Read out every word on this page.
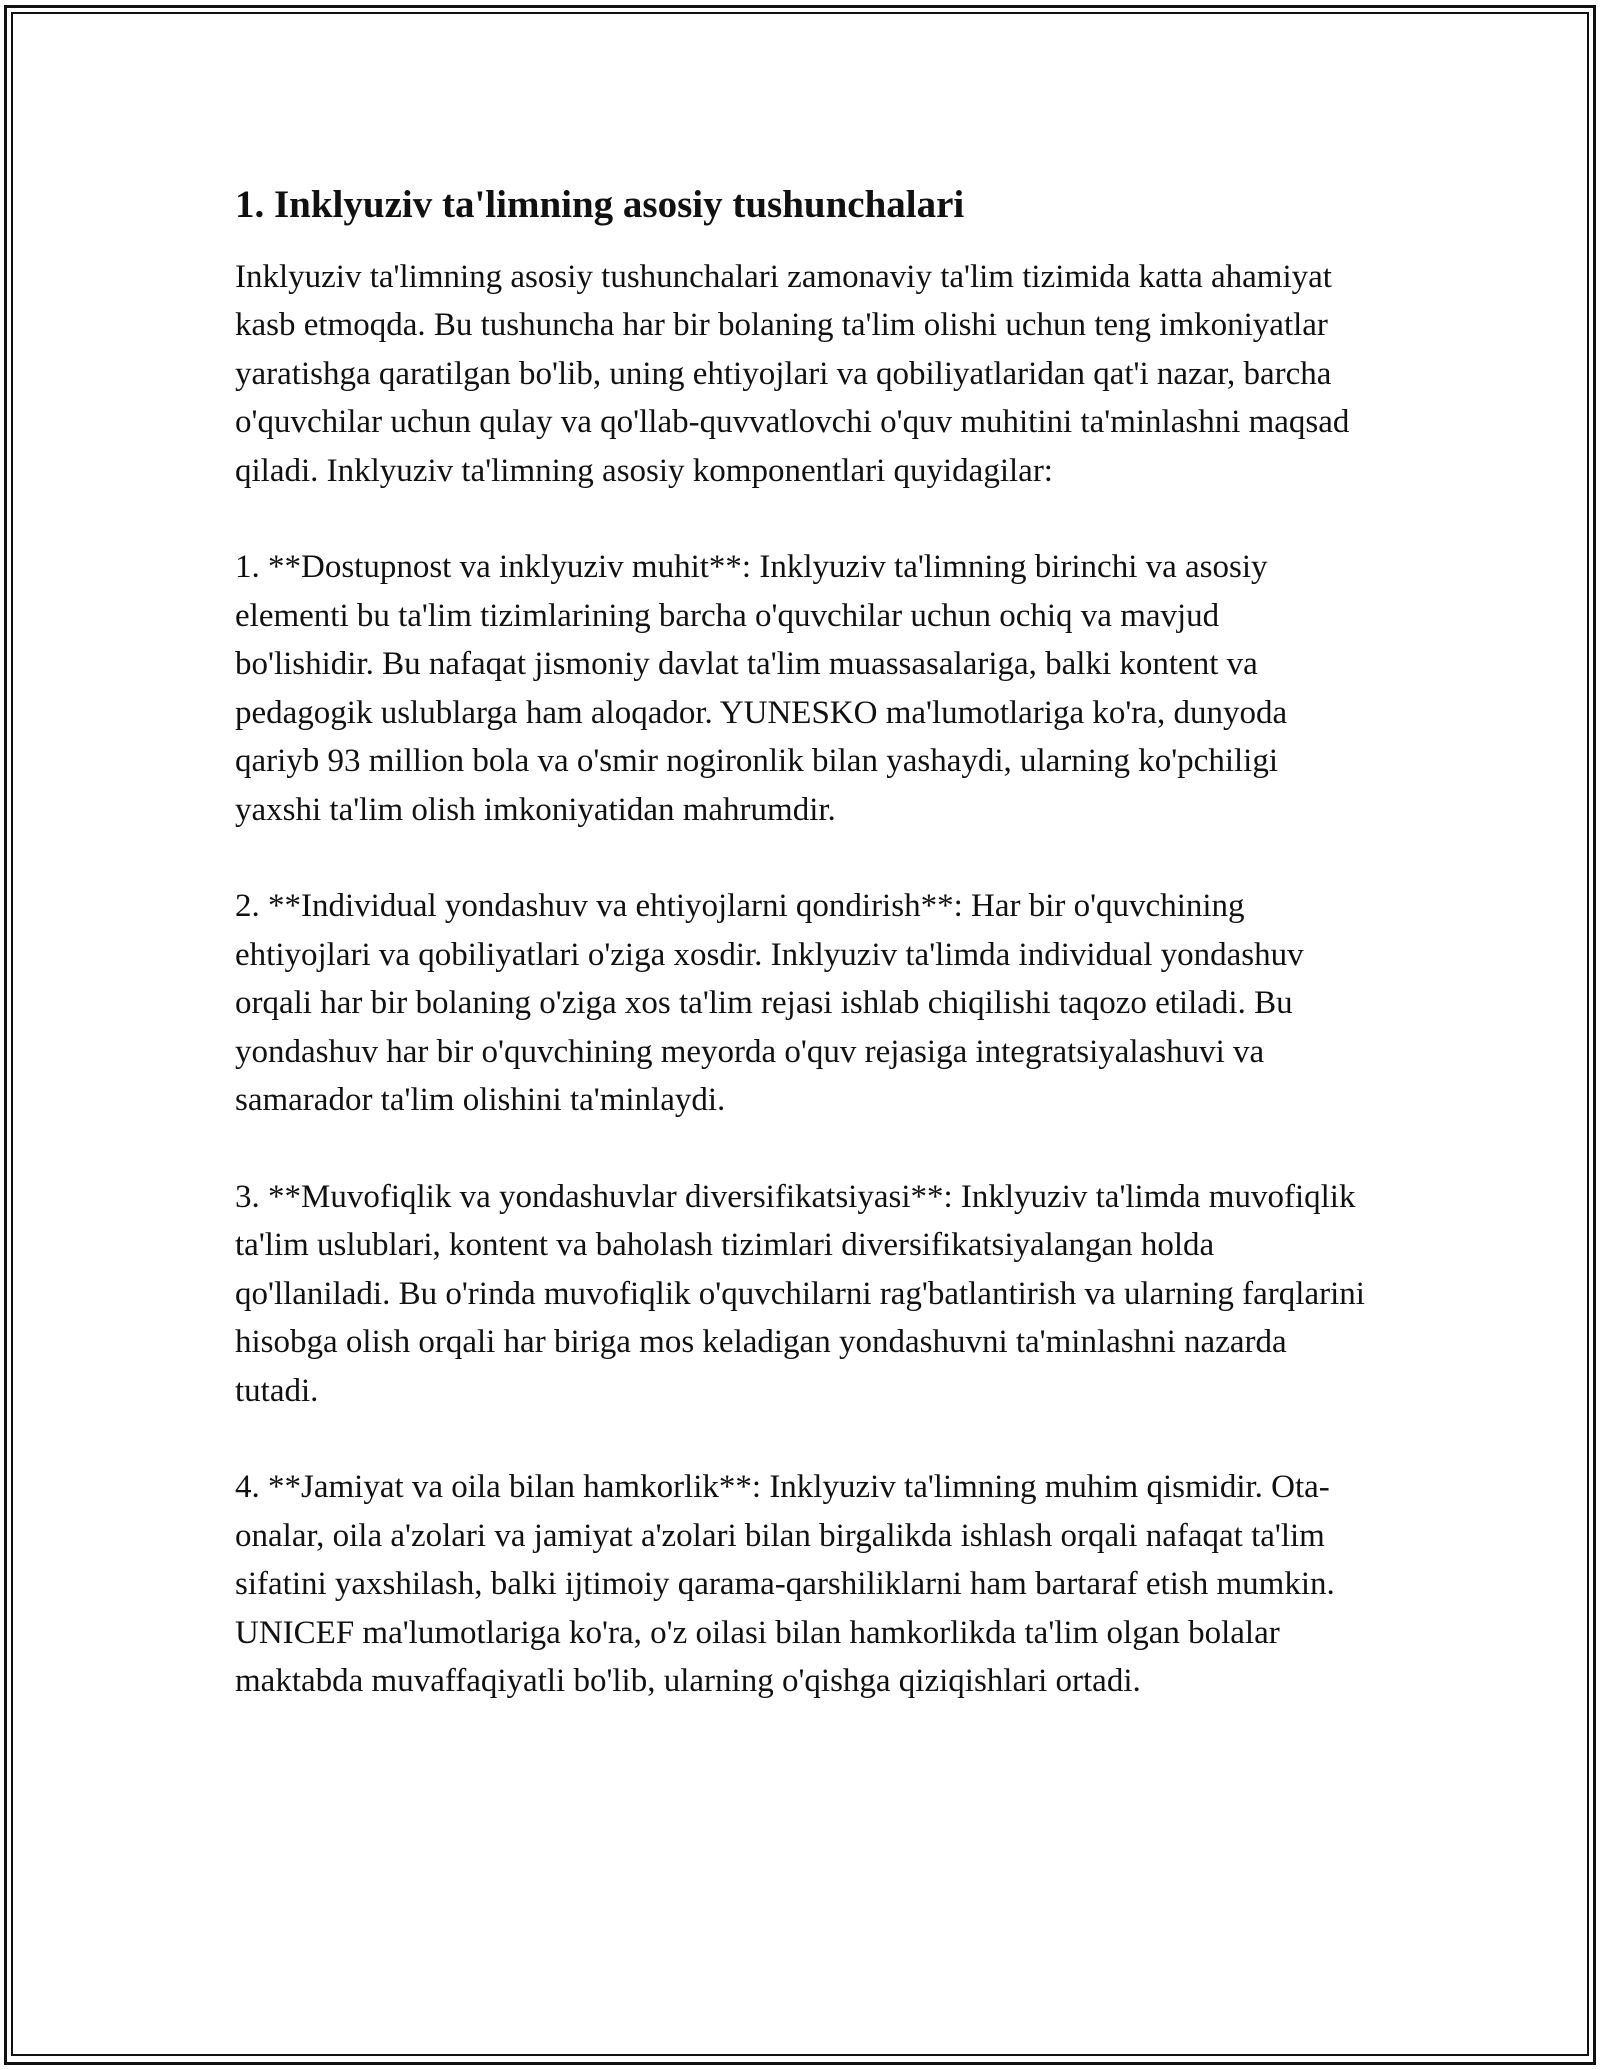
1. Inklyuziv ta'limning asosiy tushunchalari

Inklyuziv ta'limning asosiy tushunchalari zamonaviy ta'lim tizimida katta ahamiyat kasb etmoqda. Bu tushuncha har bir bolaning ta'lim olishi uchun teng imkoniyatlar yaratishga qaratilgan bo'lib, uning ehtiyojlari va qobiliyatlaridan qat'i nazar, barcha o'quvchilar uchun qulay va qo'llab-quvvatlovchi o'quv muhitini ta'minlashni maqsad qiladi. Inklyuziv ta'limning asosiy komponentlari quyidagilar:

1. **Dostupnost va inklyuziv muhit**: Inklyuziv ta'limning birinchi va asosiy elementi bu ta'lim tizimlarining barcha o'quvchilar uchun ochiq va mavjud bo'lishidir. Bu nafaqat jismoniy davlat ta'lim muassasalariga, balki kontent va pedagogik uslublarga ham aloqador. YUNESKO ma'lumotlariga ko'ra, dunyoda qariyb 93 million bola va o'smir nogironlik bilan yashaydi, ularning ko'pchiligi yaxshi ta'lim olish imkoniyatidan mahrumdir.

2. **Individual yondashuv va ehtiyojlarni qondirish**: Har bir o'quvchining ehtiyojlari va qobiliyatlari o'ziga xosdir. Inklyuziv ta'limda individual yondashuv orqali har bir bolaning o'ziga xos ta'lim rejasi ishlab chiqilishi taqozo etiladi. Bu yondashuv har bir o'quvchining meyorda o'quv rejasiga integratsiyalashuvi va samarador ta'lim olishini ta'minlaydi.

3. **Muvofiqlik va yondashuvlar diversifikatsiyasi**: Inklyuziv ta'limda muvofiqlik ta'lim uslublari, kontent va baholash tizimlari diversifikatsiyalangan holda qo'llaniladi. Bu o'rinda muvofiqlik o'quvchilarni rag'batlantirish va ularning farqlarini hisobga olish orqali har biriga mos keladigan yondashuvni ta'minlashni nazarda tutadi.

4. **Jamiyat va oila bilan hamkorlik**: Inklyuziv ta'limning muhim qismidir. Ota-onalar, oila a'zolari va jamiyat a'zolari bilan birgalikda ishlash orqali nafaqat ta'lim sifatini yaxshilash, balki ijtimoiy qarama-qarshiliklarni ham bartaraf etish mumkin. UNICEF ma'lumotlariga ko'ra, o'z oilasi bilan hamkorlikda ta'lim olgan bolalar maktabda muvaffaqiyatli bo'lib, ularning o'qishga qiziqishlari ortadi.
